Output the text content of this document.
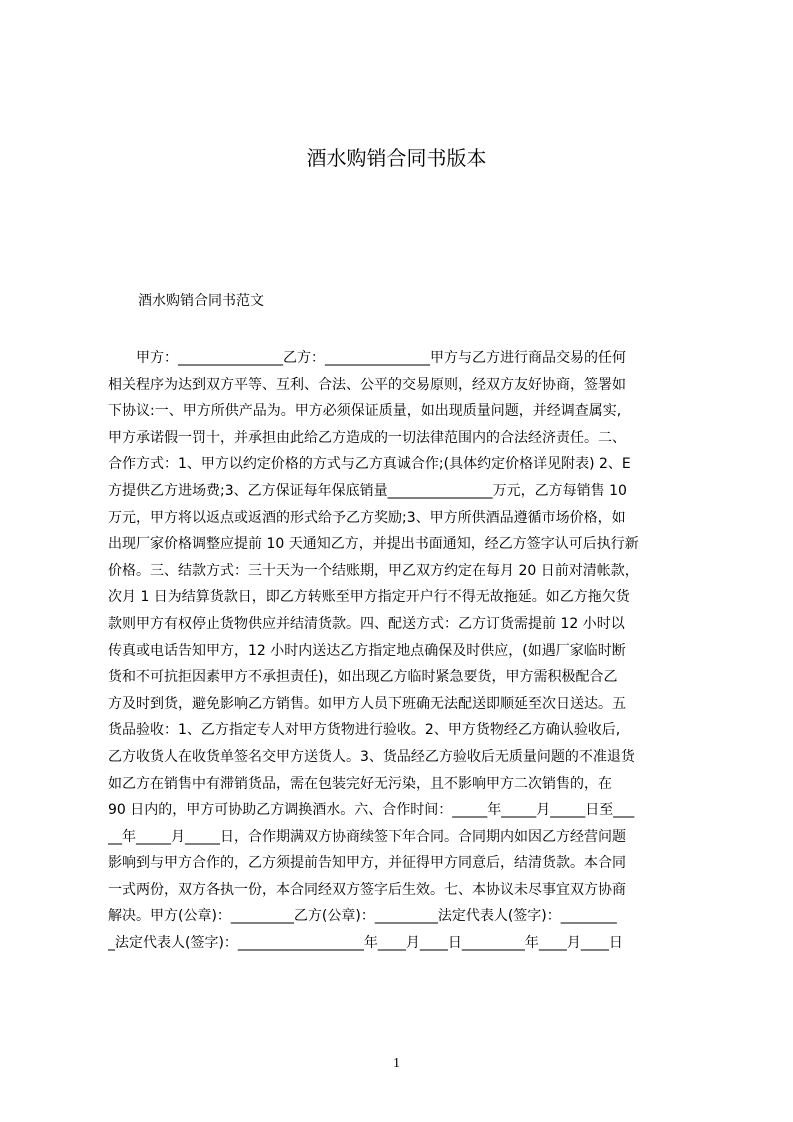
酒水购销合同书版本

酒水购销合同书范文

　　甲方：_______________乙方：_______________甲方与乙方进行商品交易的任何
相关程序为达到双方平等、互利、合法、公平的交易原则，经双方友好协商，签署如
下协议:一、甲方所供产品为。甲方必须保证质量，如出现质量问题，并经调查属实,
甲方承诺假一罚十，并承担由此给乙方造成的一切法律范围内的合法经济责任。二、
合作方式：1、甲方以约定价格的方式与乙方真诚合作;(具体约定价格详见附表) 2、E
方提供乙方进场费;3、乙方保证每年保底销量_______________万元，乙方每销售 10
万元，甲方将以返点或返酒的形式给予乙方奖励;3、甲方所供酒品遵循市场价格，如
出现厂家价格调整应提前 10 天通知乙方，并提出书面通知，经乙方签字认可后执行新
价格。三、结款方式：三十天为一个结账期，甲乙双方约定在每月 20 日前对清帐款，
次月 1 日为结算货款日，即乙方转账至甲方指定开户行不得无故拖延。如乙方拖欠货
款则甲方有权停止货物供应并结清货款。四、配送方式：乙方订货需提前 12 小时以
传真或电话告知甲方，12 小时内送达乙方指定地点确保及时供应，(如遇厂家临时断
货和不可抗拒因素甲方不承担责任)，如出现乙方临时紧急要货，甲方需积极配合乙
方及时到货，避免影响乙方销售。如甲方人员下班确无法配送即顺延至次日送达。五
货品验收：1、乙方指定专人对甲方货物进行验收。2、甲方货物经乙方确认验收后,
乙方收货人在收货单签名交甲方送货人。3、货品经乙方验收后无质量问题的不准退货
如乙方在销售中有滞销货品，需在包装完好无污染，且不影响甲方二次销售的，在
90 日内的，甲方可协助乙方调换酒水。六、合作时间：_____年_____月_____日至___
__年_____月_____日，合作期满双方协商续签下年合同。合同期内如因乙方经营问题
影响到与甲方合作的，乙方须提前告知甲方，并征得甲方同意后，结清货款。本合同
一式两份，双方各执一份，本合同经双方签字后生效。七、本协议未尽事宜双方协商
解决。甲方(公章)：_________乙方(公章)：_________法定代表人(签字)：________
_法定代表人(签字)：__________________年____月____日_________年____月____日
1
